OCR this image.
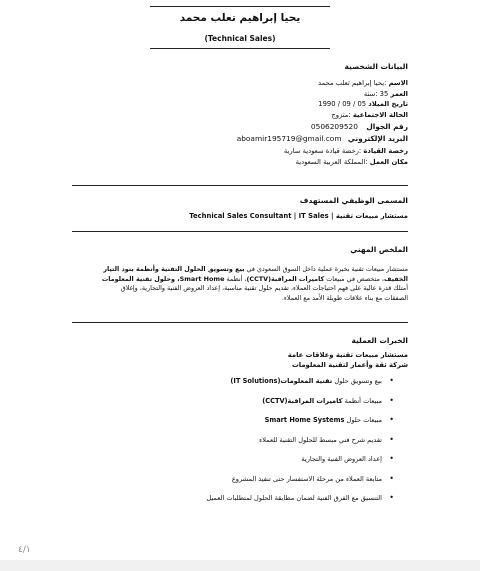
يحيا إبراهيم تعلب محمد
(Technical Sales)
البيانات الشخصية
الاسم :يحيا إبراهيم تعلب محمد
العمر 35 :سنة
تاريخ الميلاد 05 / 09 / 1990
الحالة الاجتماعية :متزوج
رقم الجوال 0506209520
البريد الإلكتروني aboamir195719@gmail.com
رخصة القيادة :رخصة قيادة سعودية سارية
مكان العمل :المملكة العربية السعودية
المسمى الوظيفي المستهدف
مستشار مبيعات تقنية Technical Sales Consultant | IT Sales |
الملخص المهني
مستشار مبيعات تقنية بخبرة عملية داخل السوق السعودي في بيع وتسويق الحلول التقنية وأنظمة بنود التيار
الخفيف، متخصص في مبيعات كاميرات المراقبة(CCTV)، أنظمة Smart Home، وحلول تقنية المعلومات
أمتلك قدرة عالية على فهم احتياجات العملاء، تقديم حلول تقنية مناسبة، إعداد العروض الفنية والتجارية، وإغلاق
الصفقات مع بناء علاقات طويلة الأمد مع العملاء.
الخبرات العملية
مستشار مبيعات تقنية وعلاقات عامة
شركة ثقة وأعمار لتقنية المعلومات
• بيع وتسويق حلول تقنية المعلومات(IT Solutions)
• مبيعات أنظمة كاميرات المراقبة(CCTV)
• مبيعات حلول Smart Home Systems
• تقديم شرح فني مبسط للحلول التقنية للعملاء
• إعداد العروض الفنية والتجارية
• متابعة العملاء من مرحلة الاستفسار حتى تنفيذ المشروع
• التنسيق مع الفرق الفنية لضمان مطابقة الحلول لمتطلبات العميل
٤/١
